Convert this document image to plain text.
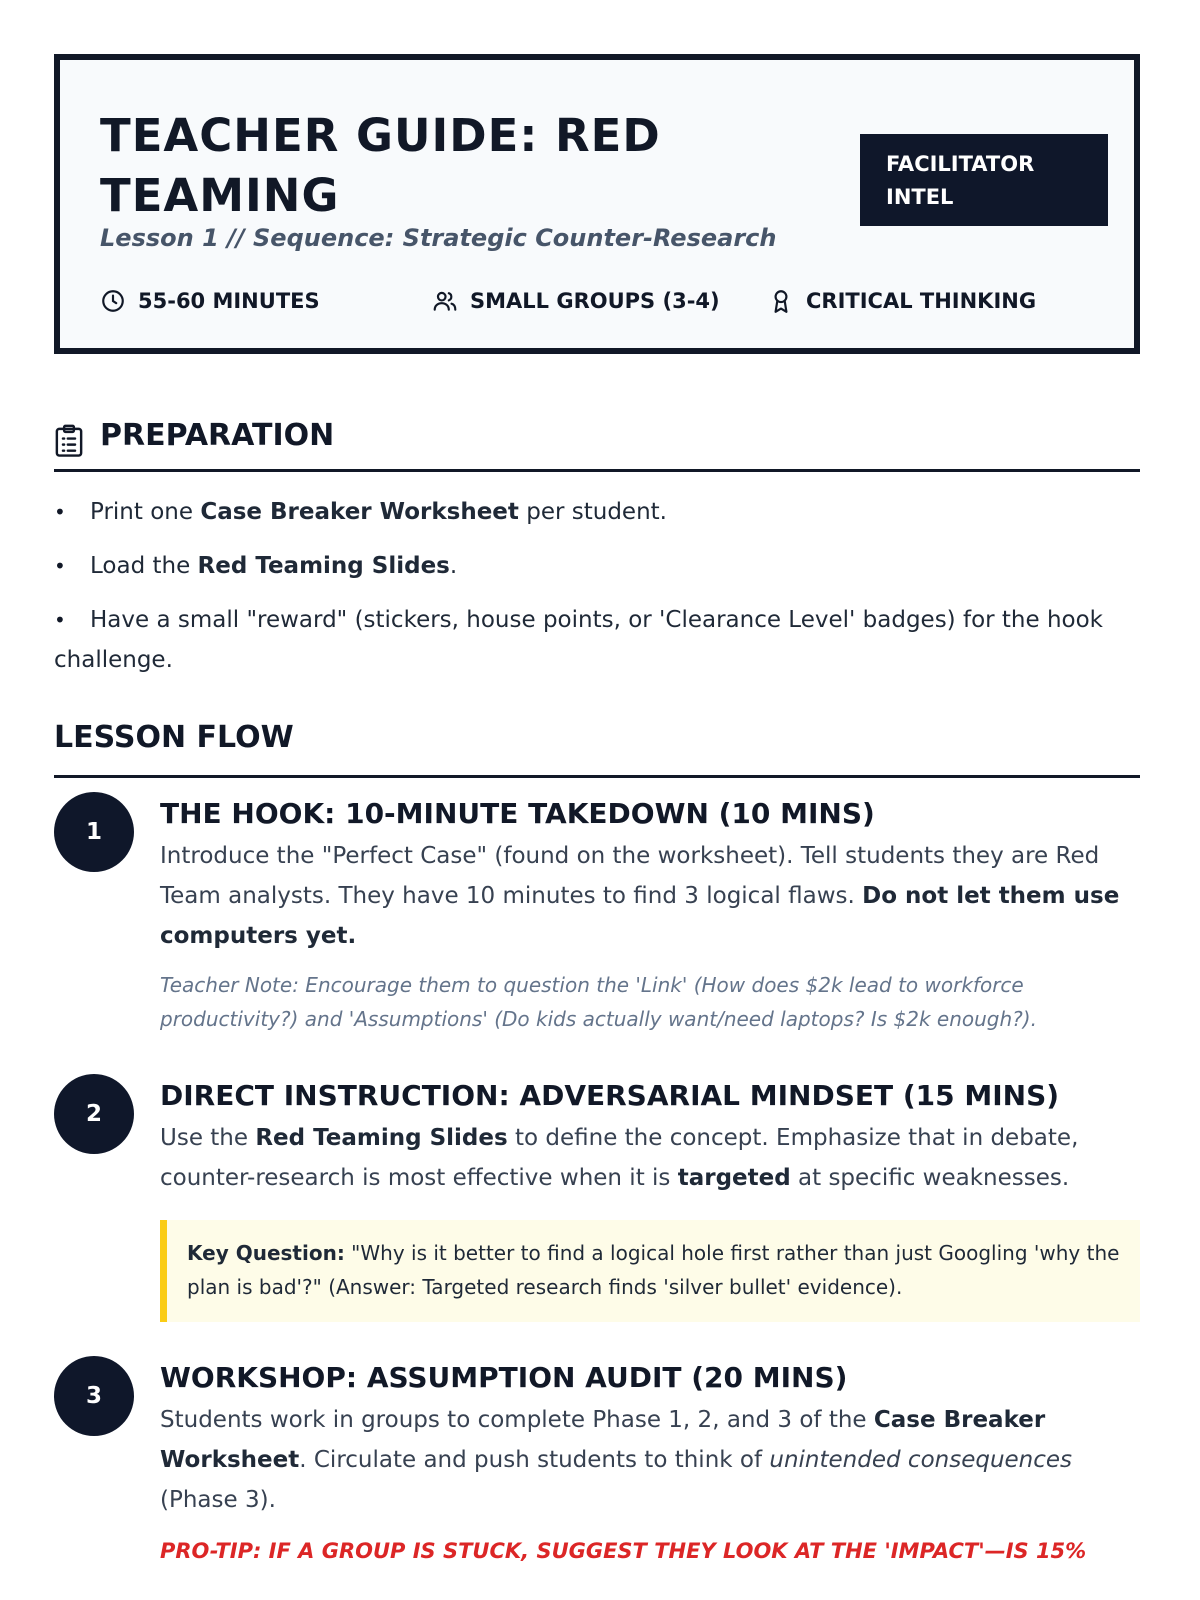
TEACHER GUIDE: RED TEAMING
Lesson 1 // Sequence: Strategic Counter-Research
FACILITATOR INTEL
55-60 MINUTES	SMALL GROUPS (3-4)	CRITICAL THINKING
PREPARATION
• Print one Case Breaker Worksheet per student.
• Load the Red Teaming Slides.
• Have a small "reward" (stickers, house points, or 'Clearance Level' badges) for the hook challenge.
LESSON FLOW
1
THE HOOK: 10-MINUTE TAKEDOWN (10 MINS)

Introduce the "Perfect Case" (found on the worksheet). Tell students they are Red Team analysts. They have 10 minutes to find 3 logical flaws. Do not let them use computers yet.

Teacher Note: Encourage them to question the 'Link' (How does $2k lead to workforce productivity?) and 'Assumptions' (Do kids actually want/need laptops? Is $2k enough?).

2
DIRECT INSTRUCTION: ADVERSARIAL MINDSET (15 MINS)

Use the Red Teaming Slides to define the concept. Emphasize that in debate, counter-research is most effective when it is targeted at specific weaknesses.

Key Question: "Why is it better to find a logical hole first rather than just Googling 'why the plan is bad'?" (Answer: Targeted research finds 'silver bullet' evidence).
3
WORKSHOP: ASSUMPTION AUDIT (20 MINS)

Students work in groups to complete Phase 1, 2, and 3 of the Case Breaker Worksheet. Circulate and push students to think of unintended consequences (Phase 3).

PRO-TIP: IF A GROUP IS STUCK, SUGGEST THEY LOOK AT THE 'IMPACT'—IS 15%
